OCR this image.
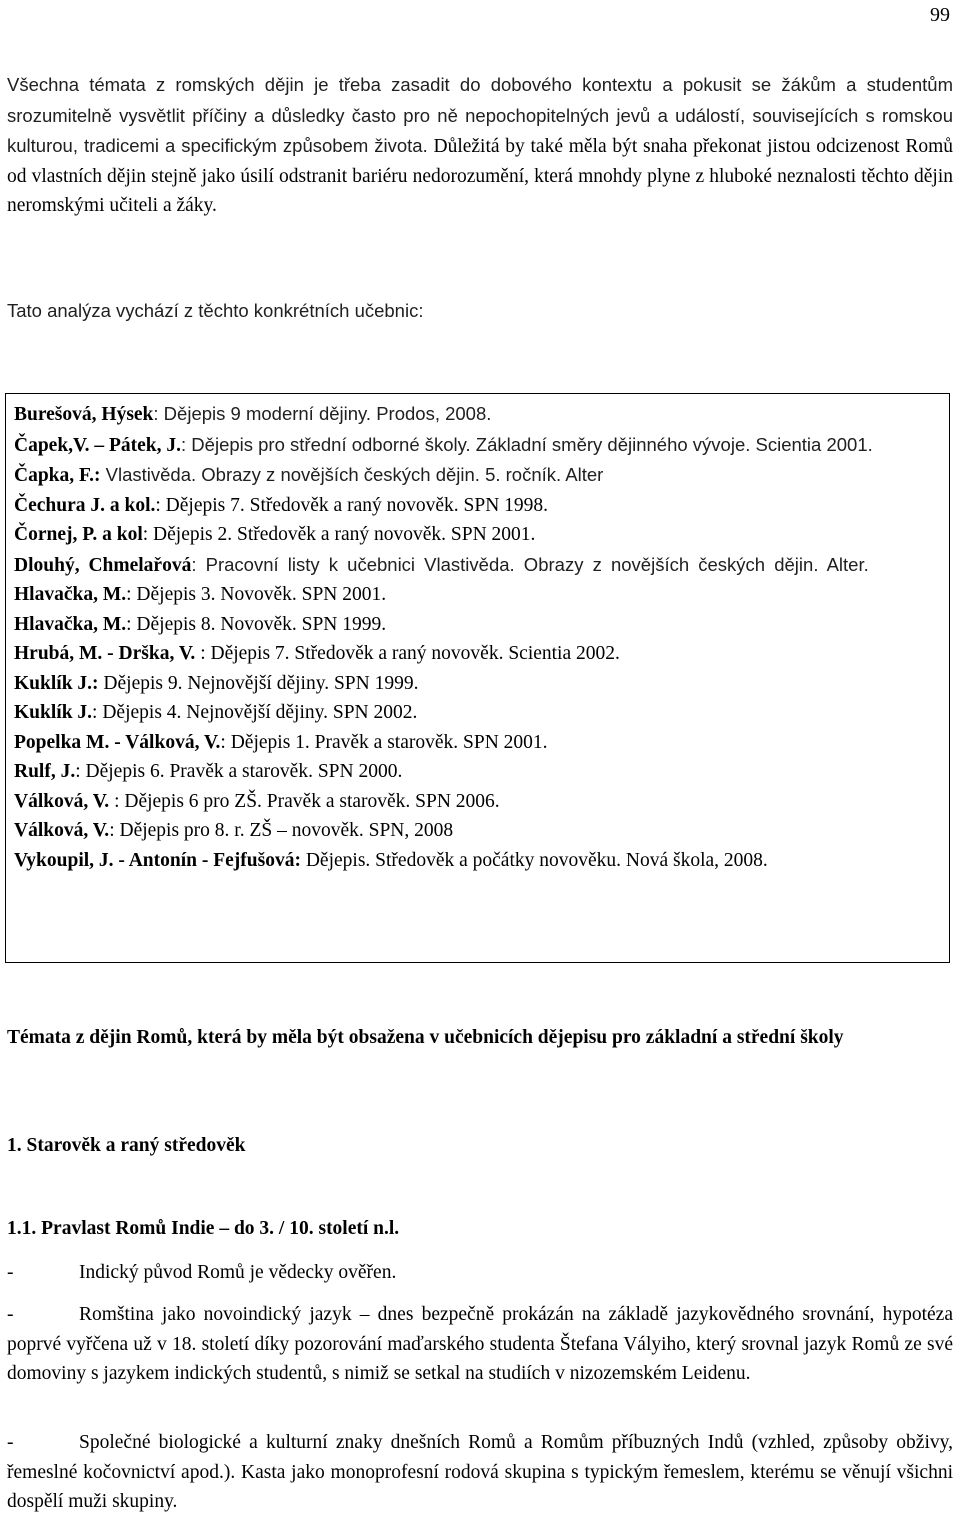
99

Všechna témata z romských dějin je třeba zasadit do dobového kontextu a pokusit se žákům a studentům srozumitelně vysvětlit příčiny a důsledky často pro ně nepochopitelných jevů a událostí, souvisejících s romskou kulturou, tradicemi a specifickým způsobem života. Důležitá by také měla být snaha překonat jistou odcizenost Romů od vlastních dějin stejně jako úsilí odstranit bariéru nedorozumění, která mnohdy plyne z hluboké neznalosti těchto dějin neromskými učiteli a žáky.

Tato analýza vychází z těchto konkrétních učebnic:

Burešová, Hýsek: Dějepis 9 moderní dějiny. Prodos, 2008.

Čapek,V. – Pátek, J.: Dějepis pro střední odborné školy. Základní směry dějinného vývoje. Scientia 2001.

Čapka, F.: Vlastivěda. Obrazy z novějších českých dějin. 5. ročník. Alter

Čechura J. a kol.: Dějepis 7. Středověk a raný novověk. SPN 1998.

Čornej, P. a kol: Dějepis 2. Středověk a raný novověk. SPN 2001.

Dlouhý, Chmelařová: Pracovní listy k učebnici Vlastivěda. Obrazy z novějších českých dějin. Alter.

Hlavačka, M.: Dějepis 3. Novověk. SPN 2001.

Hlavačka, M.: Dějepis 8. Novověk. SPN 1999.

Hrubá, M. - Drška, V. : Dějepis 7. Středověk a raný novověk. Scientia 2002.

Kuklík J.: Dějepis 9. Nejnovější dějiny. SPN 1999.

Kuklík J.: Dějepis 4. Nejnovější dějiny. SPN 2002.

Popelka M. - Válková, V.: Dějepis 1. Pravěk a starověk. SPN 2001.

Rulf, J.: Dějepis 6. Pravěk a starověk. SPN 2000.

Válková, V. : Dějepis 6 pro ZŠ. Pravěk a starověk. SPN 2006.

Válková, V.: Dějepis pro 8. r. ZŠ – novověk. SPN, 2008

Vykoupil, J. - Antonín - Fejfušová: Dějepis. Středověk a počátky novověku. Nová škola, 2008.

Témata z dějin Romů, která by měla být obsažena v učebnicích dějepisu pro základní a střední školy

1. Starověk a raný středověk

1.1. Pravlast Romů Indie – do 3. / 10. století n.l.

-	Indický původ Romů je vědecky ověřen.

-	Romština jako novoindický jazyk – dnes bezpečně prokázán na základě jazykovědného srovnání, hypotéza poprvé vyřčena už v 18. století díky pozorování maďarského studenta Štefana Vályiho, který srovnal jazyk Romů ze své domoviny s jazykem indických studentů, s nimiž se setkal na studiích v nizozemském Leidenu.

-	Společné biologické a kulturní znaky dnešních Romů a Romům příbuzných Indů (vzhled, způsoby obživy, řemeslné kočovnictví apod.). Kasta jako monoprofesní rodová skupina s typickým řemeslem, kterému se věnují všichni dospělí muži skupiny.
